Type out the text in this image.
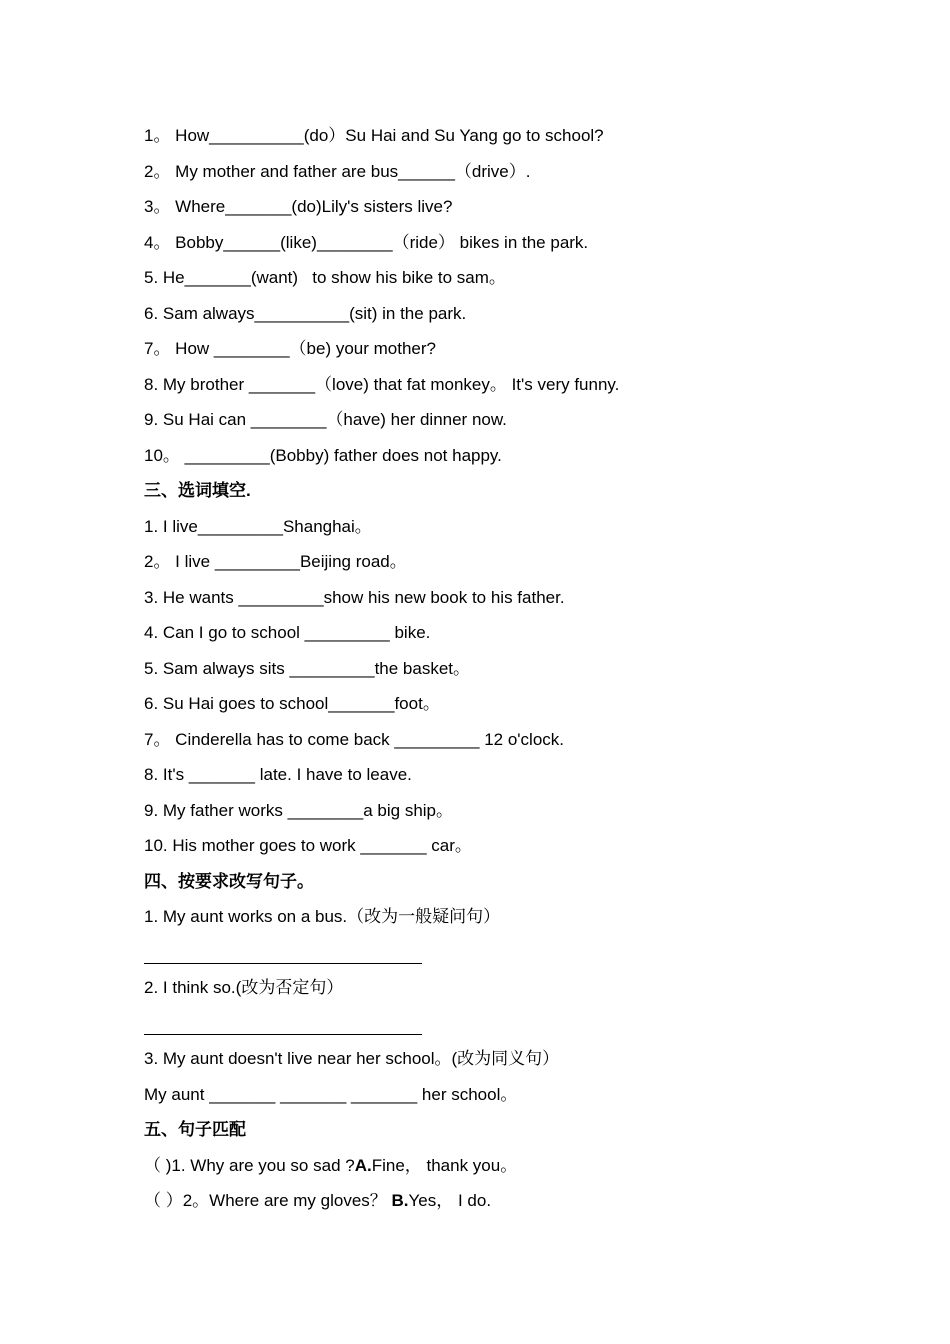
1。 How__________(do）Su Hai and Su Yang go to school?
2。 My mother and father are bus______（drive）.
3。 Where_______(do)Lily's sisters live?
4。 Bobby______(like)________（ride） bikes in the park.
5. He_______(want)   to show his bike to sam。
6. Sam always__________(sit) in the park.
7。 How ________（be) your mother?
8. My brother _______（love) that fat monkey。 It's very funny.
9. Su Hai can ________（have) her dinner now.
10。 _________(Bobby) father does not happy.
三、选词填空.
1. I live_________Shanghai。
2。 I live _________Beijing road。
3. He wants _________show his new book to his father.
4. Can I go to school _________ bike.
5. Sam always sits _________the basket。
6. Su Hai goes to school_______foot。
7。 Cinderella has to come back _________ 12 o'clock.
8. It's _______ late. I have to leave.
9. My father works ________a big ship。
10. His mother goes to work _______ car。
四、按要求改写句子。
1. My aunt works on a bus.（改为一般疑问句）
2. I think so.(改为否定句）
3. My aunt doesn't live near her school。(改为同义句）
My aunt _______ _______ _______ her school。
五、句子匹配
（ )1. Why are you so sad ?A.Fine， thank you。
（ ）2。Where are my gloves？ B.Yes， I do.
